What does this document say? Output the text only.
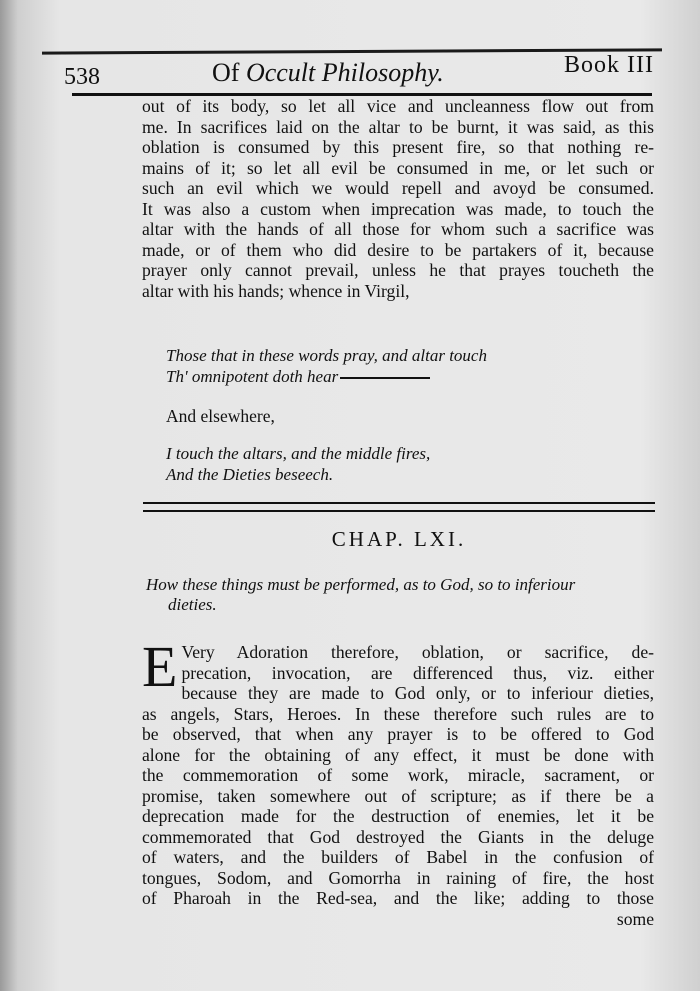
538	Of Occult Philosophy.	Book III
out of its body, so let all vice and uncleanness flow out from
me. In sacrifices laid on the altar to be burnt, it was said, as this
oblation is consumed by this present fire, so that nothing re-
mains of it; so let all evil be consumed in me, or let such or
such an evil which we would repell and avoyd be consumed.
It was also a custom when imprecation was made, to touch the
altar with the hands of all those for whom such a sacrifice was
made, or of them who did desire to be partakers of it, because
prayer only cannot prevail, unless he that prayes toucheth the
altar with his hands; whence in Virgil,
Those that in these words pray, and altar touch
Th' omnipotent doth hear
And elsewhere,
I touch the altars, and the middle fires,
And the Dieties beseech.
CHAP. LXI.
How these things must be performed, as to God, so to inferiour
dieties.
E Very Adoration therefore, oblation, or sacrifice, de-
precation, invocation, are differenced thus, viz. either
because they are made to God only, or to inferiour dieties,
as angels, Stars, Heroes. In these therefore such rules are to
be observed, that when any prayer is to be offered to God
alone for the obtaining of any effect, it must be done with
the commemoration of some work, miracle, sacrament, or
promise, taken somewhere out of scripture; as if there be a
deprecation made for the destruction of enemies, let it be
commemorated that God destroyed the Giants in the deluge
of waters, and the builders of Babel in the confusion of
tongues, Sodom, and Gomorrha in raining of fire, the host
of Pharoah in the Red-sea, and the like; adding to those
some
